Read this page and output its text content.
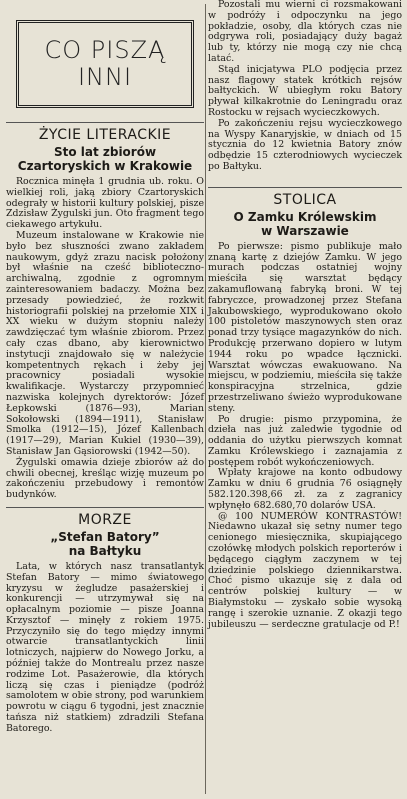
CO PISZĄ
INNI
ŻYCIE LITERACKIE
Sto lat zbiorów
Czartoryskich w Krakowie

Rocznica minęła 1 grudnia ub. roku. O wielkiej roli, jaką zbiory Czartoryskich odegrały w historii kultury polskiej, pisze Zdzisław Żygulski jun. Oto fragment tego ciekawego artykułu.

Muzeum instalowane w Krakowie nie było bez słuszności zwano zakładem naukowym, gdyż zrazu nacisk położony był właśnie na cześć biblioteczno-archiwalną, zgodnie z ogromnym zainteresowaniem badaczy. Można bez przesady powiedzieć, że rozkwit historiografii polskiej na przełomie XIX i XX wieku w dużym stopniu należy zawdzięczać tym właśnie zbiorom. Przez cały czas dbano, aby kierownictwo instytucji znajdowało się w należycie kompetentnych rękach i żeby jej pracownicy posiadali wysokie kwalifikacje. Wystarczy przypomnieć nazwiska kolejnych dyrektorów: Józef Łepkowski (1876—93), Marian Sokołowski (1894—1911), Stanisław Smolka (1912—15), Józef Kallenbach (1917—29), Marian Kukiel (1930—39), Stanisław Jan Gąsiorowski (1942—50).

Żygulski omawia dzieje zbiorów aż do chwili obecnej, kreśląc wizję muzeum po zakończeniu przebudowy i remontów budynków.

MORZE
„Stefan Batory”
na Bałtyku

Lata, w których nasz transatlantyk Stefan Batory — mimo światowego kryzysu w żegludze pasażerskiej i konkurencji — utrzymywał się na opłacalnym poziomie — pisze Joanna Krzysztof — minęły z rokiem 1975. Przyczyniło się do tego między innymi otwarcie transatlantyckich linii lotniczych, najpierw do Nowego Jorku, a później także do Montrealu przez nasze rodzime Lot. Pasażerowie, dla których liczą się czas i pieniądze (podróż samolotem w obie strony, pod warunkiem powrotu w ciągu 6 tygodni, jest znacznie tańsza niż statkiem) zdradzili Stefana Batorego.

Pozostali mu wierni ci rozsmakowani w podróży i odpoczynku na jego pokładzie, osoby, dla których czas nie odgrywa roli, posiadający duży bagaż lub ty, którzy nie mogą czy nie chcą latać.

Stąd inicjatywa PLO podjęcia przez nasz flagowy statek krótkich rejsów bałtyckich. W ubiegłym roku Batory pływał kilkakrotnie do Leningradu oraz Rostocku w rejsach wycieczkowych.

Po zakończeniu rejsu wycieczkowego na Wyspy Kanaryjskie, w dniach od 15 stycznia do 12 kwietnia Batory znów odbędzie 15 czterodniowych wycieczek po Bałtyku.

STOLICA
O Zamku Królewskim
w Warszawie

Po pierwsze: pismo publikuje mało znaną kartę z dziejów Zamku. W jego murach podczas ostatniej wojny mieściła się warsztat będący zakamuflowaną fabryką broni. W tej fabryczce, prowadzonej przez Stefana Jakubowskiego, wyprodukowano około 100 pistoletów maszynowych sten oraz ponad trzy tysiące magazynków do nich. Produkcję przerwano dopiero w lutym 1944 roku po wpadce łącznicki. Warsztat wówczas ewakuowano. Na miejscu, w podziemiu, mieściła się także konspiracyjna strzelnica, gdzie przestrzeliwano świeżo wyprodukowane steny.

Po drugie: pismo przypomina, że dzieła nas już zaledwie tygodnie od oddania do użytku pierwszych komnat Zamku Królewskiego i zaznajamia z postępem robót wykończeniowych.

Wpłaty krajowe na konto odbudowy Zamku w dniu 6 grudnia 76 osiągnęły 582.120.398,66 zł. za z zagranicy wpłynęło 682.680,70 dolarów USA.

@ 100 NUMERÓW KONTRASTÓW! Niedawno ukazał się setny numer tego cenionego miesięcznika, skupiającego czołówkę młodych polskich reporterów i będącego ciągłym zaczynem w tej dziedzinie polskiego dziennikarstwa. Choć pismo ukazuje się z dala od centrów polskiej kultury — w Białymstoku — zyskało sobie wysoką rangę i szerokie uznanie. Z okazji tego jubileuszu — serdeczne gratulacje od P.!
